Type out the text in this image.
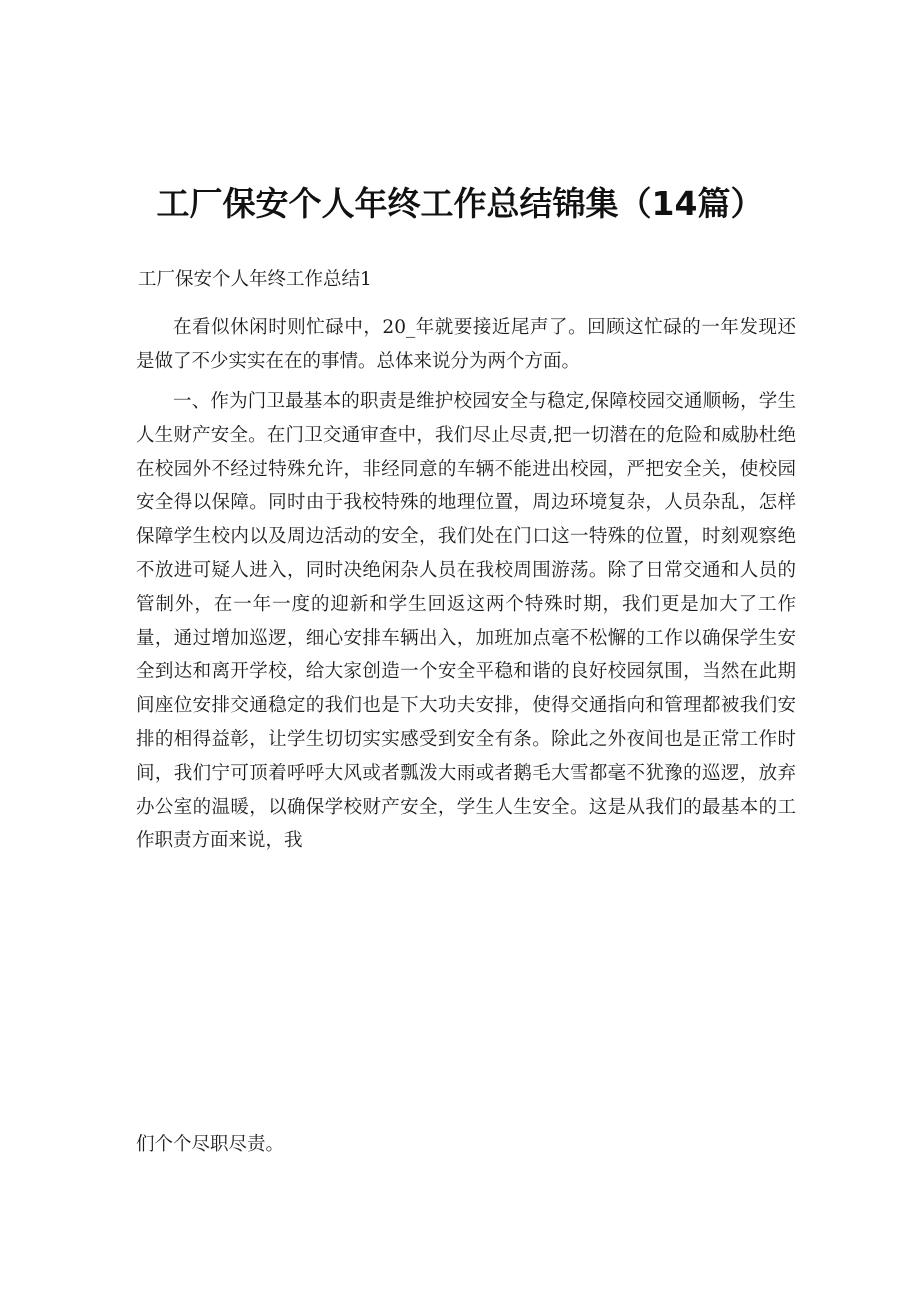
工厂保安个人年终工作总结锦集（14篇）
工厂保安个人年终工作总结1

在看似休闲时则忙碌中，20_年就要接近尾声了。回顾这忙碌的一年发现还是做了不少实实在在的事情。总体来说分为两个方面。

一、作为门卫最基本的职责是维护校园安全与稳定,保障校园交通顺畅，学生人生财产安全。在门卫交通审查中，我们尽止尽责,把一切潜在的危险和威胁杜绝在校园外不经过特殊允许，非经同意的车辆不能进出校园，严把安全关，使校园安全得以保障。同时由于我校特殊的地理位置，周边环境复杂，人员杂乱，怎样保障学生校内以及周边活动的安全，我们处在门口这一特殊的位置，时刻观察绝不放进可疑人进入，同时决绝闲杂人员在我校周围游荡。除了日常交通和人员的管制外，在一年一度的迎新和学生回返这两个特殊时期，我们更是加大了工作量，通过增加巡逻，细心安排车辆出入，加班加点毫不松懈的工作以确保学生安全到达和离开学校，给大家创造一个安全平稳和谐的良好校园氛围，当然在此期间座位安排交通稳定的我们也是下大功夫安排，使得交通指向和管理都被我们安排的相得益彰，让学生切切实实感受到安全有条。除此之外夜间也是正常工作时间，我们宁可顶着呼呼大风或者瓢泼大雨或者鹅毛大雪都毫不犹豫的巡逻，放弃办公室的温暖，以确保学校财产安全，学生人生安全。这是从我们的最基本的工作职责方面来说，我

们个个尽职尽责。
